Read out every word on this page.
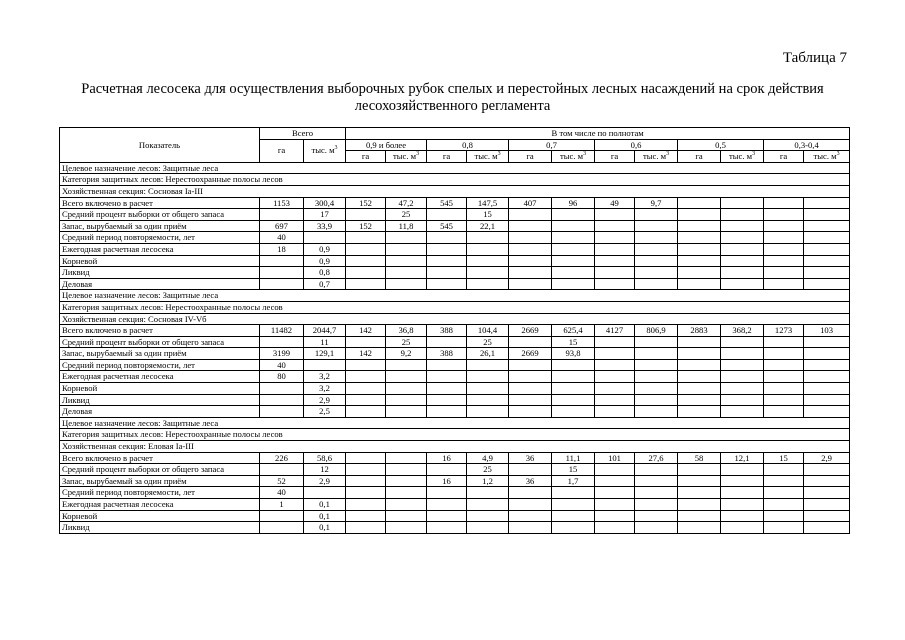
Таблица 7
Расчетная лесосека для осуществления выборочных рубок спелых и перестойных лесных насаждений на срок действия лесохозяйственного регламента
Показатель	Всего		В том числе по полнотам											
	га	тыс. $м^3$	0,9 и более		0,8		0,7		0,6		0,5		0,3-0,4	
			га	тыс. $м^3$	га	тыс. $м^3$	га	тыс. $м^3$	га	тыс. $м^3$	га	тыс. $м^3$	га	тыс. $м^3$
Целевое назначение лесов: Защитные леса														
Категория защитных лесов: Нерестоохранные полосы лесов														
Хозяйственная секция: Сосновая Ia-III														
Всего включено в расчет	1153	300,4	152	47,2	545	147,5	407	96	49	9,7				
Средний процент выборки от общего запаса		17		25		15								
Запас, вырубаемый за один приём	697	33,9	152	11,8	545	22,1								
Средний период повторяемости, лет	40													
Ежегодная расчетная лесосека	18	0,9												
Корневой		0,9												
Ликвид		0,8												
Деловая		0,7												
Целевое назначение лесов: Защитные леса														
Категория защитных лесов: Нерестоохранные полосы лесов														
Хозяйственная секция: Сосновая IV-Vб														
Всего включено в расчет	11482	2044,7	142	36,8	388	104,4	2669	625,4	4127	806,9	2883	368,2	1273	103
Средний процент выборки от общего запаса		11		25		25		15						
Запас, вырубаемый за один приём	3199	129,1	142	9,2	388	26,1	2669	93,8						
Средний период повторяемости, лет	40													
Ежегодная расчетная лесосека	80	3,2												
Корневой		3,2												
Ликвид		2,9												
Деловая		2,5												
Целевое назначение лесов: Защитные леса														
Категория защитных лесов: Нерестоохранные полосы лесов														
Хозяйственная секция: Еловая Ia-III														
Всего включено в расчет	226	58,6			16	4,9	36	11,1	101	27,6	58	12,1	15	2,9
Средний процент выборки от общего запаса		12				25		15						
Запас, вырубаемый за один приём	52	2,9			16	1,2	36	1,7						
Средний период повторяемости, лет	40													
Ежегодная расчетная лесосека	1	0,1												
Корневой		0,1												
Ликвид		0,1												
